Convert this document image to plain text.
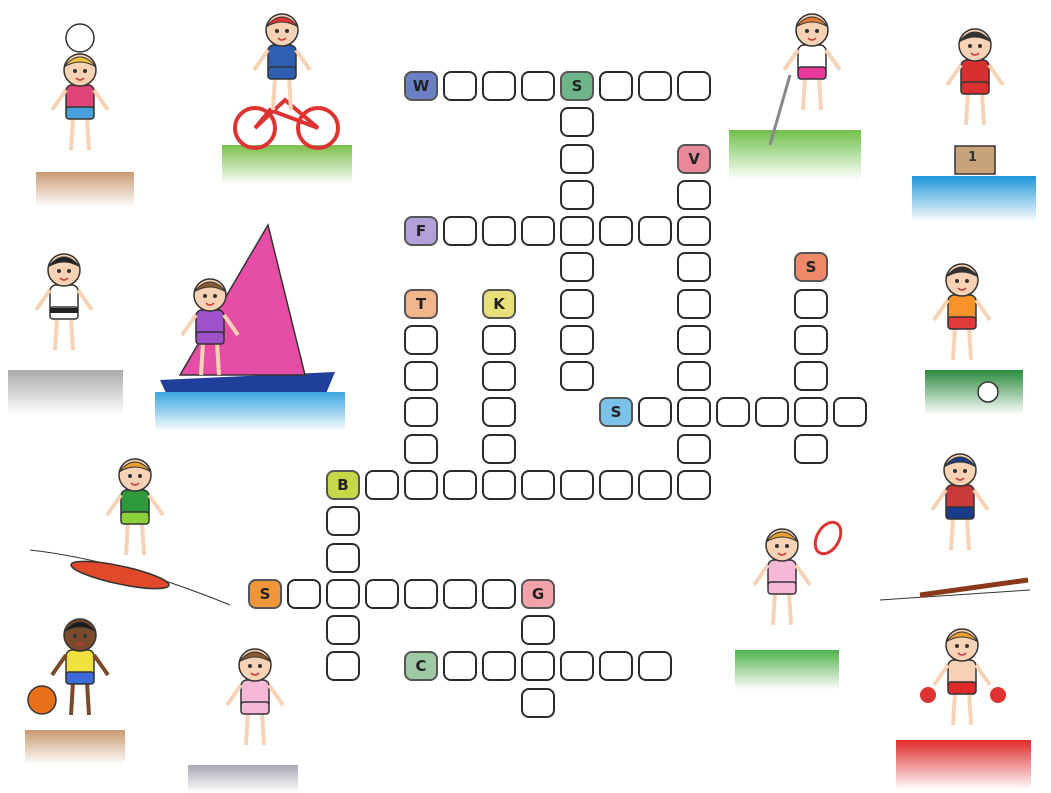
W	S
V
F
T	K
S
S
B
S	G
C
1
